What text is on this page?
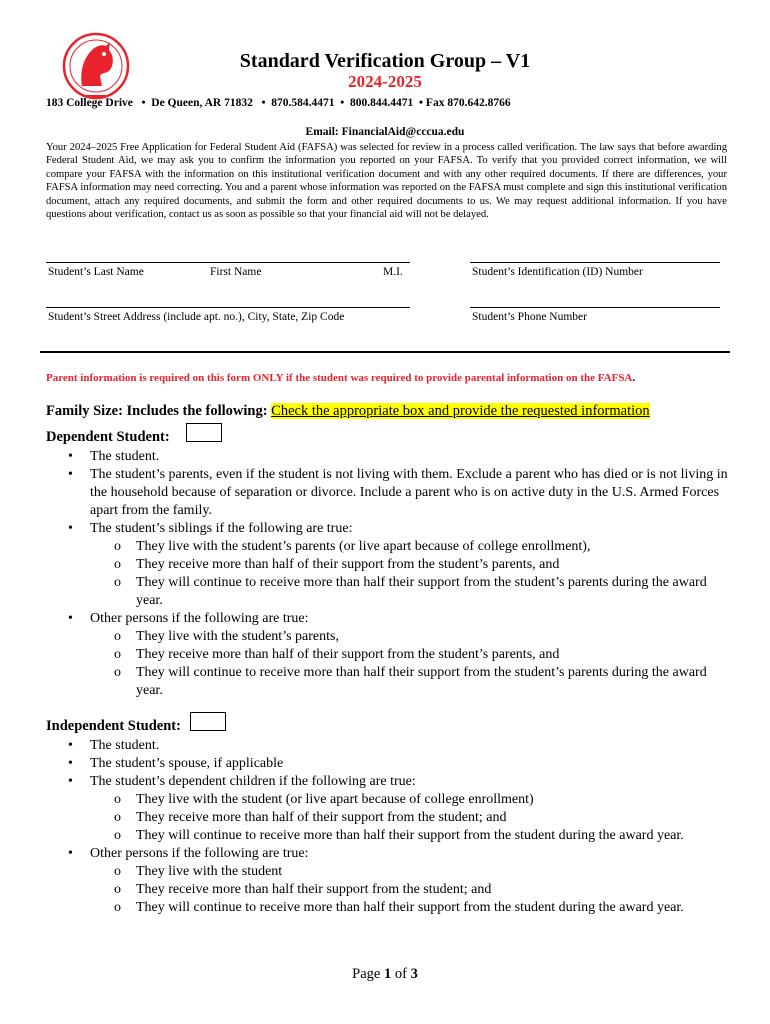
Standard Verification Group – V1
2024-2025
183 College Drive   •  De Queen, AR 71832   •  870.584.4471  •  800.844.4471  • Fax 870.642.8766
Email: FinancialAid@cccua.edu
Your 2024–2025 Free Application for Federal Student Aid (FAFSA) was selected for review in a process called verification. The law says that before awarding Federal Student Aid, we may ask you to confirm the information you reported on your FAFSA. To verify that you provided correct information, we will compare your FAFSA with the information on this institutional verification document and with any other required documents. If there are differences, your FAFSA information may need correcting. You and a parent whose information was reported on the FAFSA must complete and sign this institutional verification document, attach any required documents, and submit the form and other required documents to us. We may request additional information. If you have questions about verification, contact us as soon as possible so that your financial aid will not be delayed.
Student’s Last Name	First Name	M.I.	Student’s Identification (ID) Number
Student’s Street Address (include apt. no.), City, State, Zip Code	Student’s Phone Number
Parent information is required on this form ONLY if the student was required to provide parental information on the FAFSA.
Family Size: Includes the following: Check the appropriate box and provide the requested information
Dependent Student:
• The student.
• The student’s parents, even if the student is not living with them. Exclude a parent who has died or is not living in the household because of separation or divorce. Include a parent who is on active duty in the U.S. Armed Forces apart from the family.
• The student’s siblings if the following are true:
o They live with the student’s parents (or live apart because of college enrollment),
o They receive more than half of their support from the student’s parents, and
o They will continue to receive more than half their support from the student’s parents during the award year.
• Other persons if the following are true:
o They live with the student’s parents,
o They receive more than half of their support from the student’s parents, and
o They will continue to receive more than half their support from the student’s parents during the award year.
Independent Student:
• The student.
• The student’s spouse, if applicable
• The student’s dependent children if the following are true:
o They live with the student (or live apart because of college enrollment)
o They receive more than half of their support from the student; and
o They will continue to receive more than half their support from the student during the award year.
• Other persons if the following are true:
o They live with the student
o They receive more than half their support from the student; and
o They will continue to receive more than half their support from the student during the award year.
Page 1 of 3
